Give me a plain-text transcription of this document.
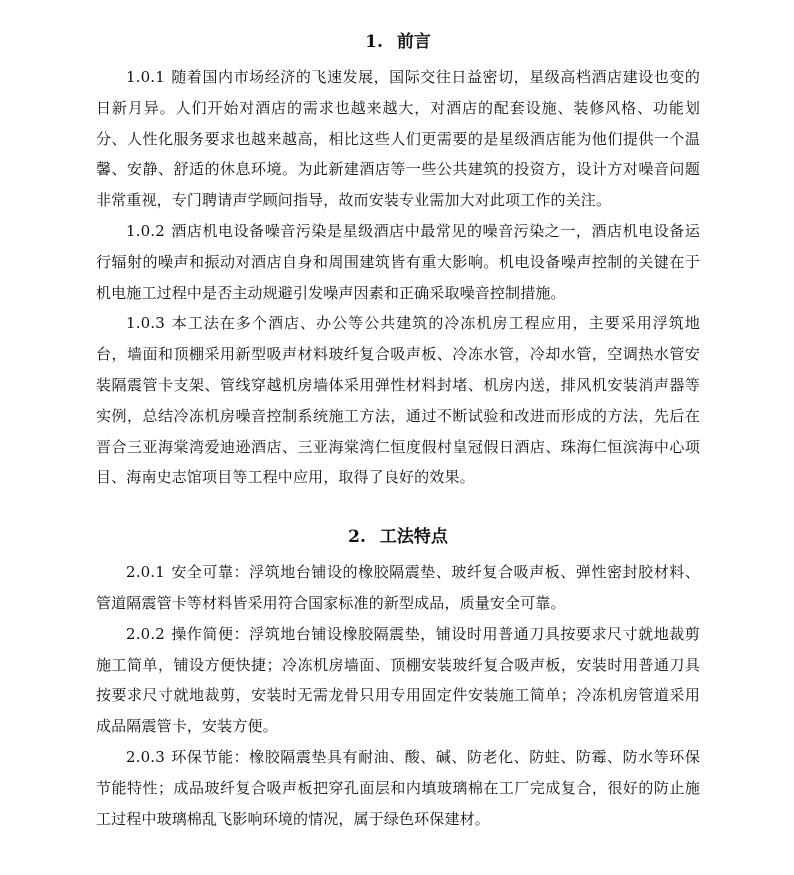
1. 前言

1.0.1 随着国内市场经济的飞速发展，国际交往日益密切，星级高档酒店建设也变的日新月异。人们开始对酒店的需求也越来越大，对酒店的配套设施、装修风格、功能划分、人性化服务要求也越来越高，相比这些人们更需要的是星级酒店能为他们提供一个温馨、安静、舒适的休息环境。为此新建酒店等一些公共建筑的投资方，设计方对噪音问题非常重视，专门聘请声学顾问指导，故而安装专业需加大对此项工作的关注。

1.0.2 酒店机电设备噪音污染是星级酒店中最常见的噪音污染之一，酒店机电设备运行辐射的噪声和振动对酒店自身和周围建筑皆有重大影响。机电设备噪声控制的关键在于机电施工过程中是否主动规避引发噪声因素和正确采取噪音控制措施。

1.0.3 本工法在多个酒店、办公等公共建筑的冷冻机房工程应用，主要采用浮筑地台，墙面和顶棚采用新型吸声材料玻纤复合吸声板、冷冻水管，冷却水管，空调热水管安装隔震管卡支架、管线穿越机房墙体采用弹性材料封堵、机房内送，排风机安装消声器等实例，总结冷冻机房噪音控制系统施工方法，通过不断试验和改进而形成的方法，先后在晋合三亚海棠湾爱迪逊酒店、三亚海棠湾仁恒度假村皇冠假日酒店、珠海仁恒滨海中心项目、海南史志馆项目等工程中应用，取得了良好的效果。

2. 工法特点

2.0.1 安全可靠：浮筑地台铺设的橡胶隔震垫、玻纤复合吸声板、弹性密封胶材料、管道隔震管卡等材料皆采用符合国家标准的新型成品，质量安全可靠。

2.0.2 操作简便：浮筑地台铺设橡胶隔震垫，铺设时用普通刀具按要求尺寸就地裁剪施工简单，铺设方便快捷；冷冻机房墙面、顶棚安装玻纤复合吸声板，安装时用普通刀具按要求尺寸就地裁剪，安装时无需龙骨只用专用固定件安装施工简单；冷冻机房管道采用成品隔震管卡，安装方便。

2.0.3 环保节能：橡胶隔震垫具有耐油、酸、碱、防老化、防蛀、防霉、防水等环保节能特性；成品玻纤复合吸声板把穿孔面层和内填玻璃棉在工厂完成复合，很好的防止施工过程中玻璃棉乱飞影响环境的情况，属于绿色环保建材。
